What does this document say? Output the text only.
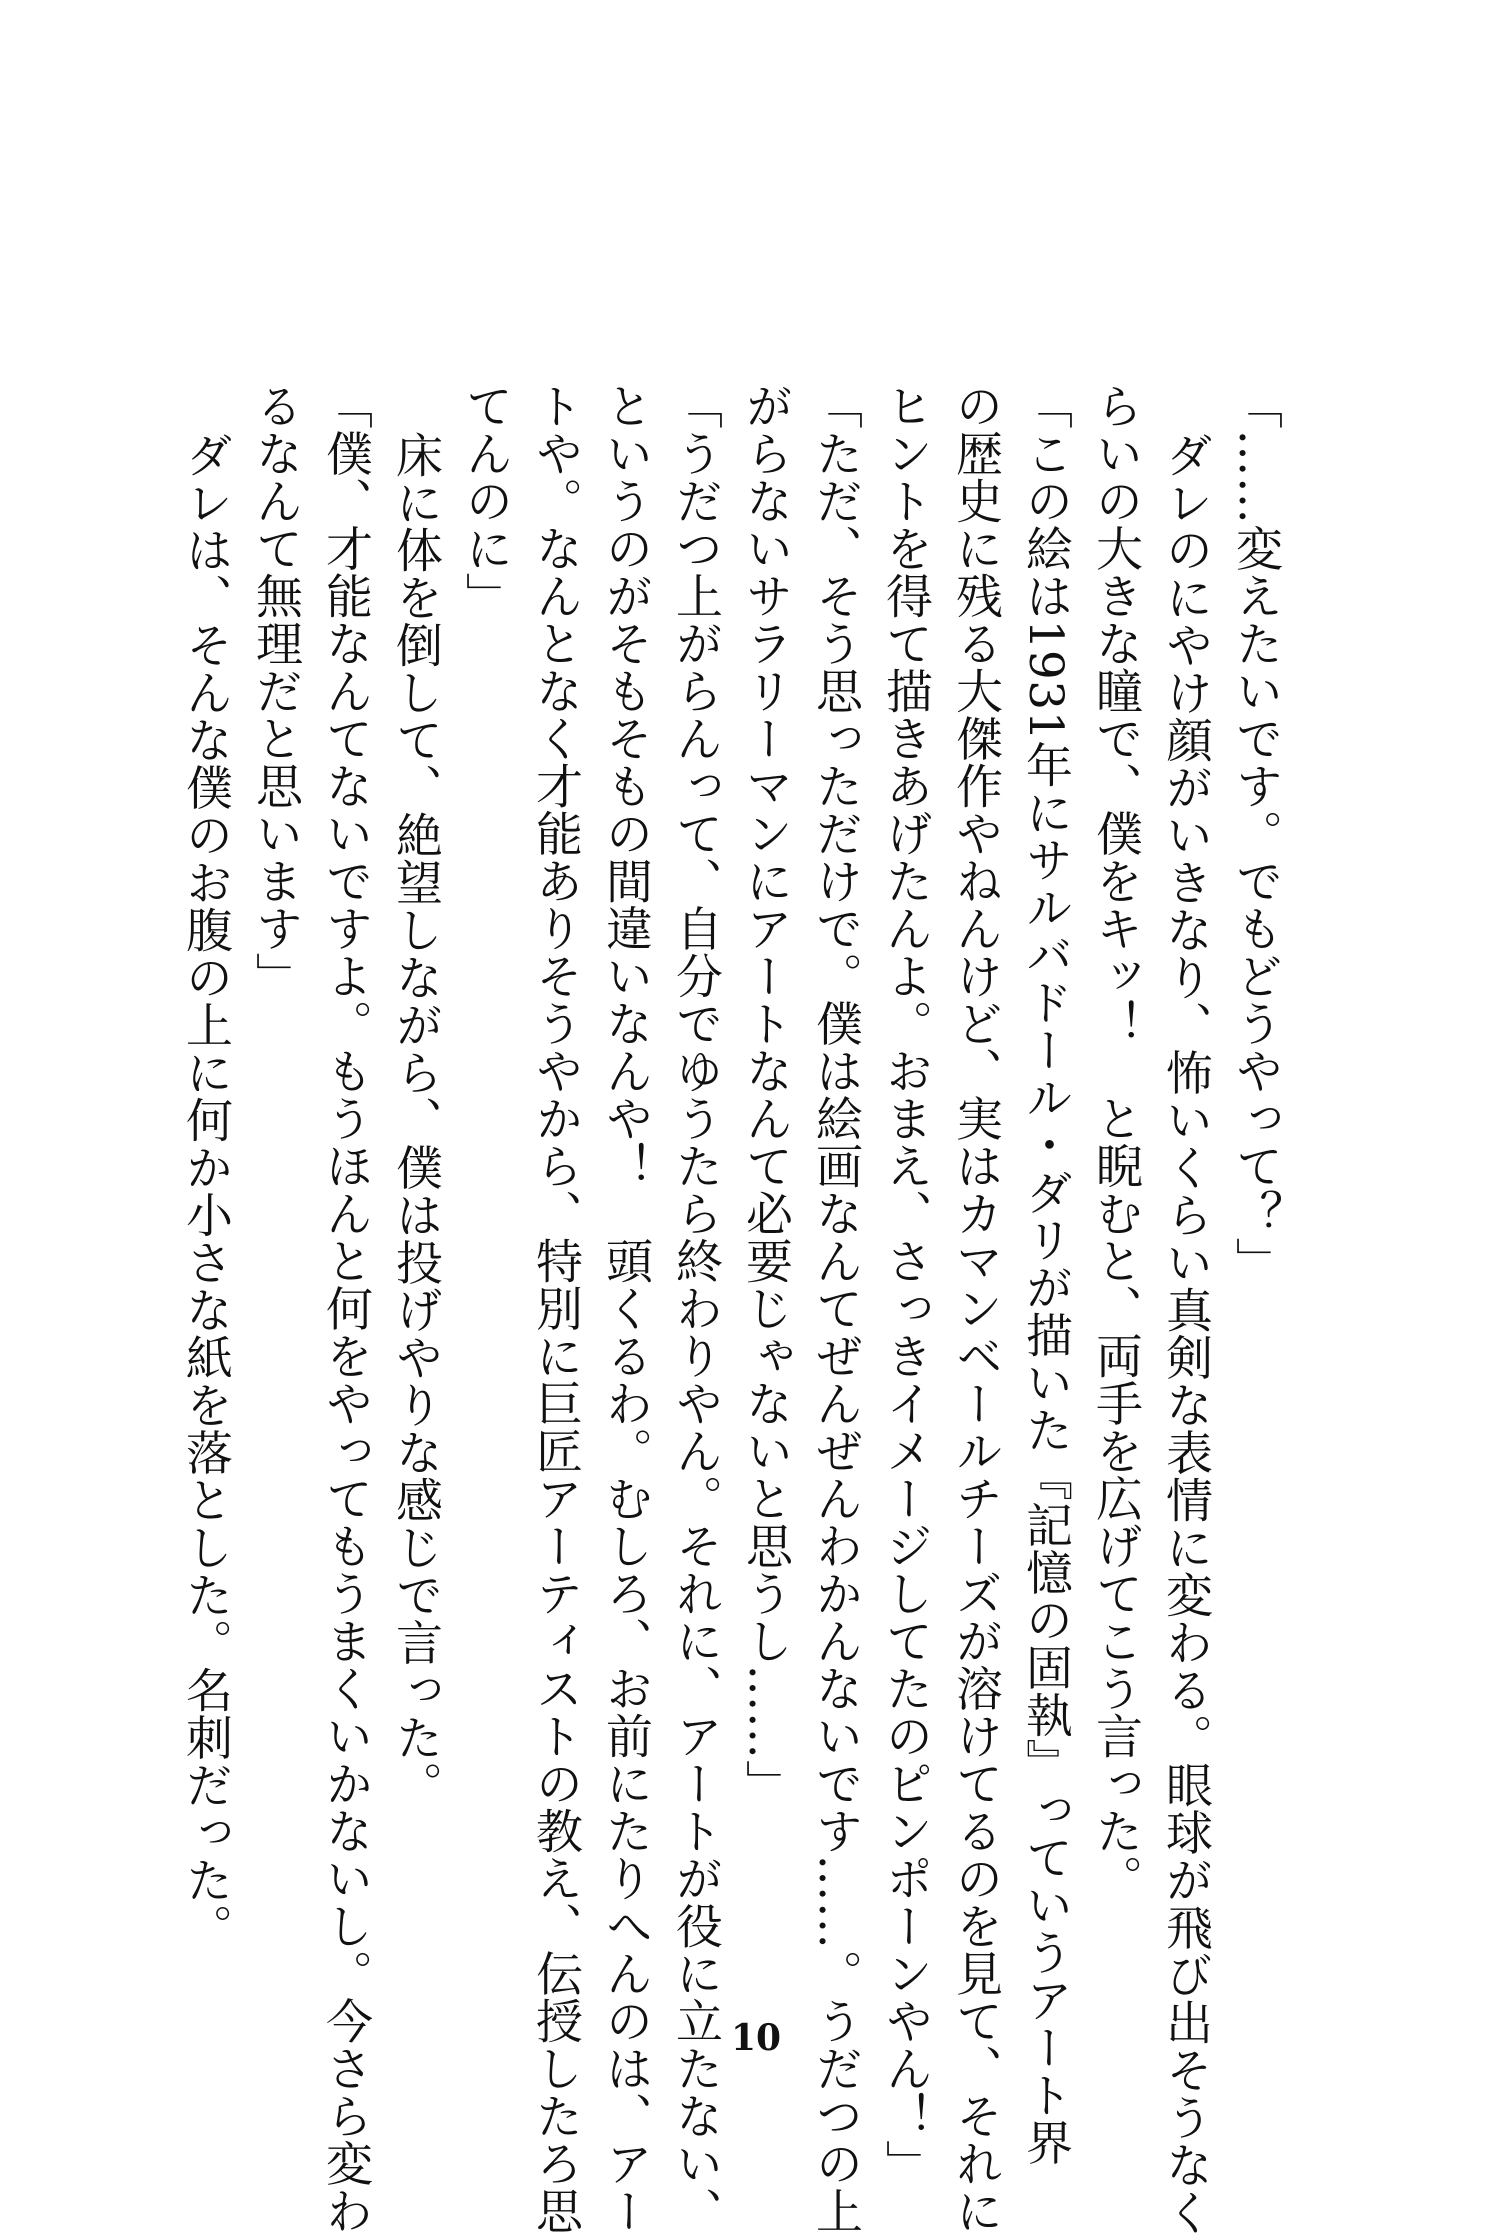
「……変えたいです。でもどうやって？」
ダレのにやけ顔がいきなり、怖いくらい真剣な表情に変わる。眼球が飛び出そうなく
らいの大きな瞳で、僕をキッ！　と睨むと、両手を広げてこう言った。
「この絵は1931年にサルバドール・ダリが描いた『記憶の固執』っていうアート界
の歴史に残る大傑作やねんけど、実はカマンベールチーズが溶けてるのを見て、それに
ヒントを得て描きあげたんよ。おまえ、さっきイメージしてたのピンポーンやん！」
「ただ、そう思っただけで。僕は絵画なんてぜんぜんわかんないです……。うだつの上
がらないサラリーマンにアートなんて必要じゃないと思うし……」
「うだつ上がらんって、自分でゆうたら終わりやん。それに、アートが役に立たない、
というのがそもそもの間違いなんや！　頭くるわ。むしろ、お前にたりへんのは、アー
トや。なんとなく才能ありそうやから、特別に巨匠アーティストの教え、伝授したろ思
てんのに」
床に体を倒して、絶望しながら、僕は投げやりな感じで言った。
「僕、才能なんてないですよ。もうほんと何をやってもうまくいかないし。今さら変わ
るなんて無理だと思います」
ダレは、そんな僕のお腹の上に何か小さな紙を落とした。名刺だった。
10
